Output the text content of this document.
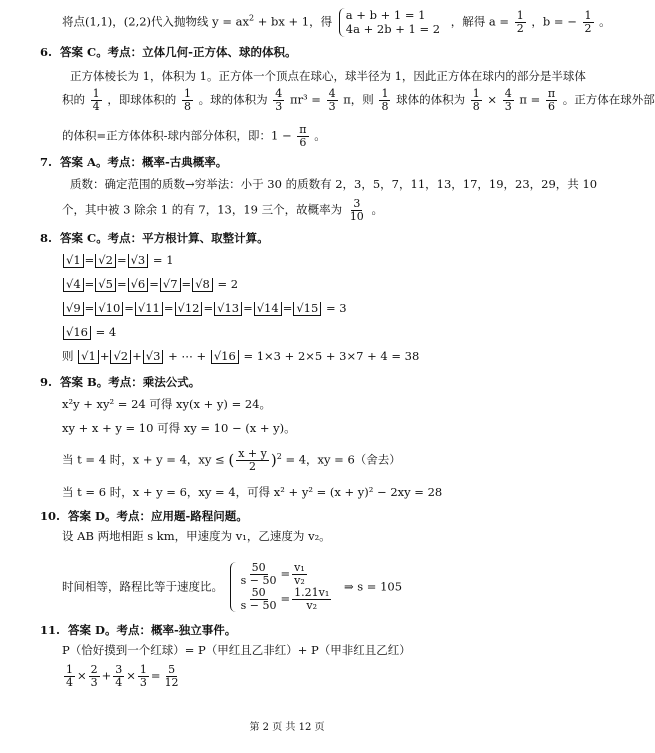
将点(1,1)，(2,2)代入抛物线 $y = ax^2$ + bx + 1，得 a + b + 1 = 1
4a + 2b + 1 = 2
，解得 $a = \frac{1}{2}$ ，b = − $\frac{1}{2}$ 。
6. 答案 C。考点：立体几何-正方体、球的体积。
正方体棱长为 1，体积为 1。正方体一个顶点在球心，球半径为 1，因此正方体在球内的部分是半球体
积的 $\frac{1}{4}$ ，即球体积的 $\frac{1}{8}$ 。球的体积为 $\frac{4}{3} \pi r^3 = \frac{4}{3}$ π，则 $\frac{1}{8}$ 球体的体积为 $\frac{1}{8} \times \frac{4}{3}$ $\pi = \frac{\pi}{6}$ 。正方体在球外部
的体积=正方体体积-球内部分体积，即：$1 - \frac{\pi}{6}$ 。
7. 答案 A。考点：概率-古典概率。
质数：确定范围的质数→穷举法：小于 30 的质数有 2，3，5，7，11，13，17，19，23，29，共 10
个，其中被 3 除余 1 的有 7，13，19 三个，故概率为 $\frac{3}{10}$ 。
8. 答案 C。考点：平方根计算、取整计算。
√1 = √2 = √3 = 1
√4 = √5 = √6 = √7 = √8 = 2
√9 = √10 = √11 = √12 = √13 = √14 = √15 = 3
√16 = 4
则 √1 + √2 + √3 + ⋯ + √16 = 1×3 + 2×5 + 3×7 + 4 = 38
9. 答案 B。考点：乘法公式。
x²y + xy² = 24 可得 xy(x + y) = 24。
xy + x + y = 10 可得 xy = 10 − (x + y)。
当 t = 4 时，x + y = 4，xy ≤ ( $\frac{x + y}{2} )^2 = 4$，xy = 6（舍去）
当 t = 6 时，x + y = 6，xy = 4，可得 x² + y² = (x + y)² − 2xy = 28
10. 答案 D。考点：应用题-路程问题。
设 AB 两地相距 s km，甲速度为 v₁，乙速度为 v₂。
时间相等，路程比等于速度比。 $\frac{50}{s - 50} = \frac{\text{v₁}}{\text{v₂}}$
$\frac{50}{s - 50} = \frac{\text{1.21v₁}}{\text{v₂}}$
⇒ s = 105
11. 答案 D。考点：概率-独立事件。
P（恰好摸到一个红球）= P（甲红且乙非红）+ P（甲非红且乙红）
$\frac{1}{4} \times \frac{2}{3} + \frac{3}{4} \times \frac{1}{3} = \frac{5}{12}$
第 2 页 共 12 页
